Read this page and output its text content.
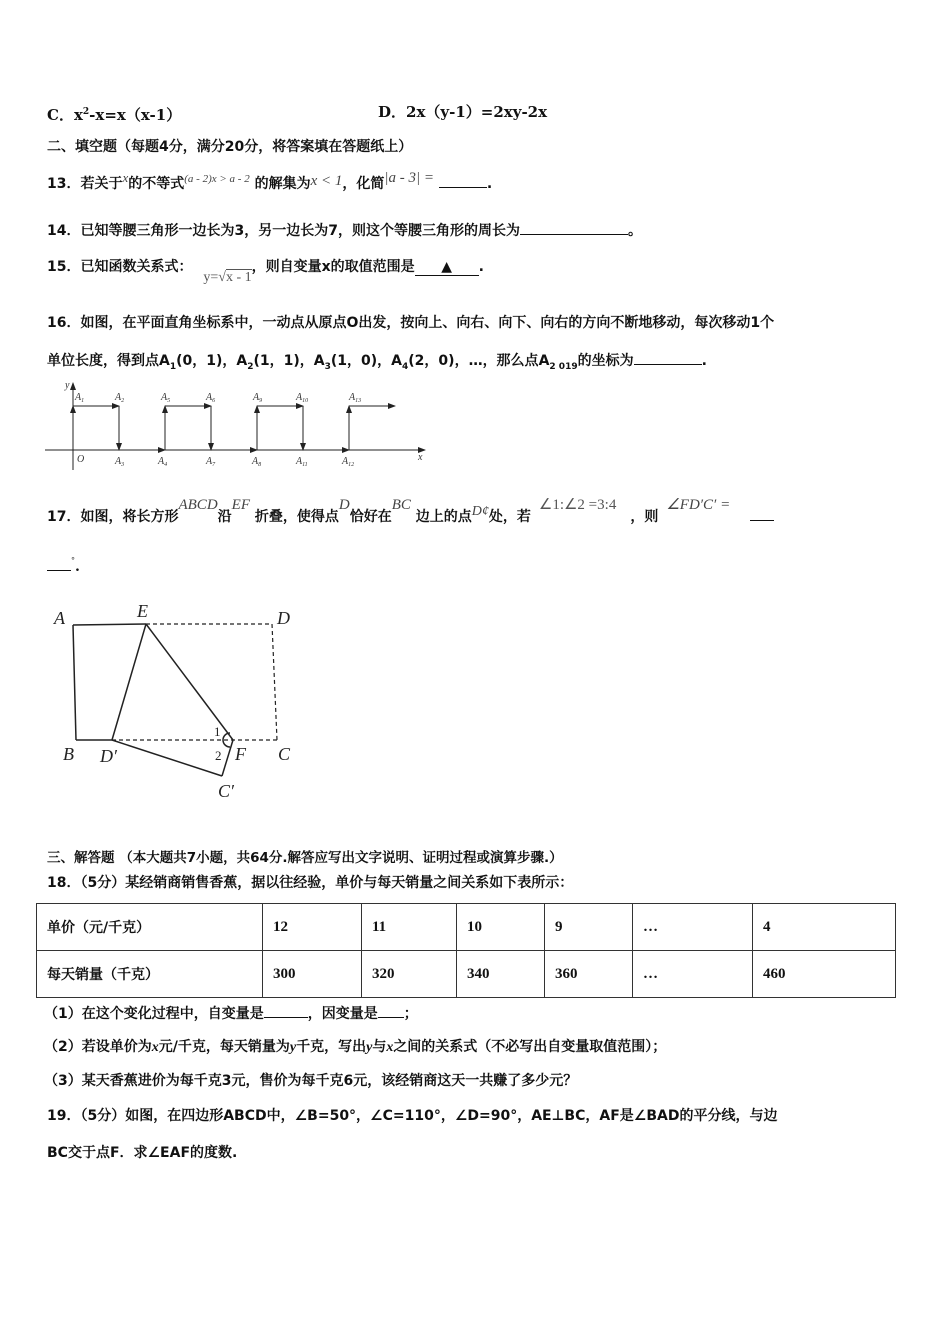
C．$x^2-x=x(x-1)$	D．2x（y-1）=2xy-2x
二、填空题（每题4分，满分20分，将答案填在答题纸上）
13．若关于x的不等式$^{(a - 2)x > a - 2}$ 的解集为x < 1，化简|a - 3| =	.
14．已知等腰三角形一边长为3，另一边长为7，则这个等腰三角形的周长为	。
15．已知函数关系式： y=√x - 1，则自变量x的取值范围是 ▲ .
16．如图，在平面直角坐标系中，一动点从原点O出发，按向上、向右、向下、向右的方向不断地移动，每次移动1个
单位长度，得到点$A_1(0$，1)，$A_2(1$，1)，$A_3(1$，0)，$A_4(2$，0)，…，那么点$A_{2 019}$的坐标为	.
y
x
O
$A_1$	$A_2$
$A_3$	$A_4$
$A_5$	$A_6$
$A_7$	$A_8$
$A_9$	$A_{10}$
$A_{11}$	$A_{12}$
$A_{13}$
17．如图，将长方形ABCD沿EF 折叠，使得点D恰好在BC 边上的点D¢处，若∠1:∠2 =3:4，则∠FD′C′ =
°.
A	E	D
B D′	F C
C′
1
2
三、解答题 （本大题共7小题，共64分.解答应写出文字说明、证明过程或演算步骤.）
18．（5分）某经销商销售香蕉，据以往经验，单价与每天销量之间关系如下表所示：
单价（元/千克）	12	11	10	9	…	4
每天销量（千克）	300	320	340	360	…	460
（1）在这个变化过程中，自变量是	，因变量是 ；
（2）若设单价为x元/千克，每天销量为y千克，写出y与x之间的关系式（不必写出自变量取值范围）；
（3）某天香蕉进价为每千克3元，售价为每千克6元，该经销商这天一共赚了多少元？
19．（5分）如图，在四边形ABCD中，∠B=50°，∠C=110°，∠D=90°，AE⊥BC，AF是∠BAD的平分线，与边
BC交于点F．求∠EAF的度数.
